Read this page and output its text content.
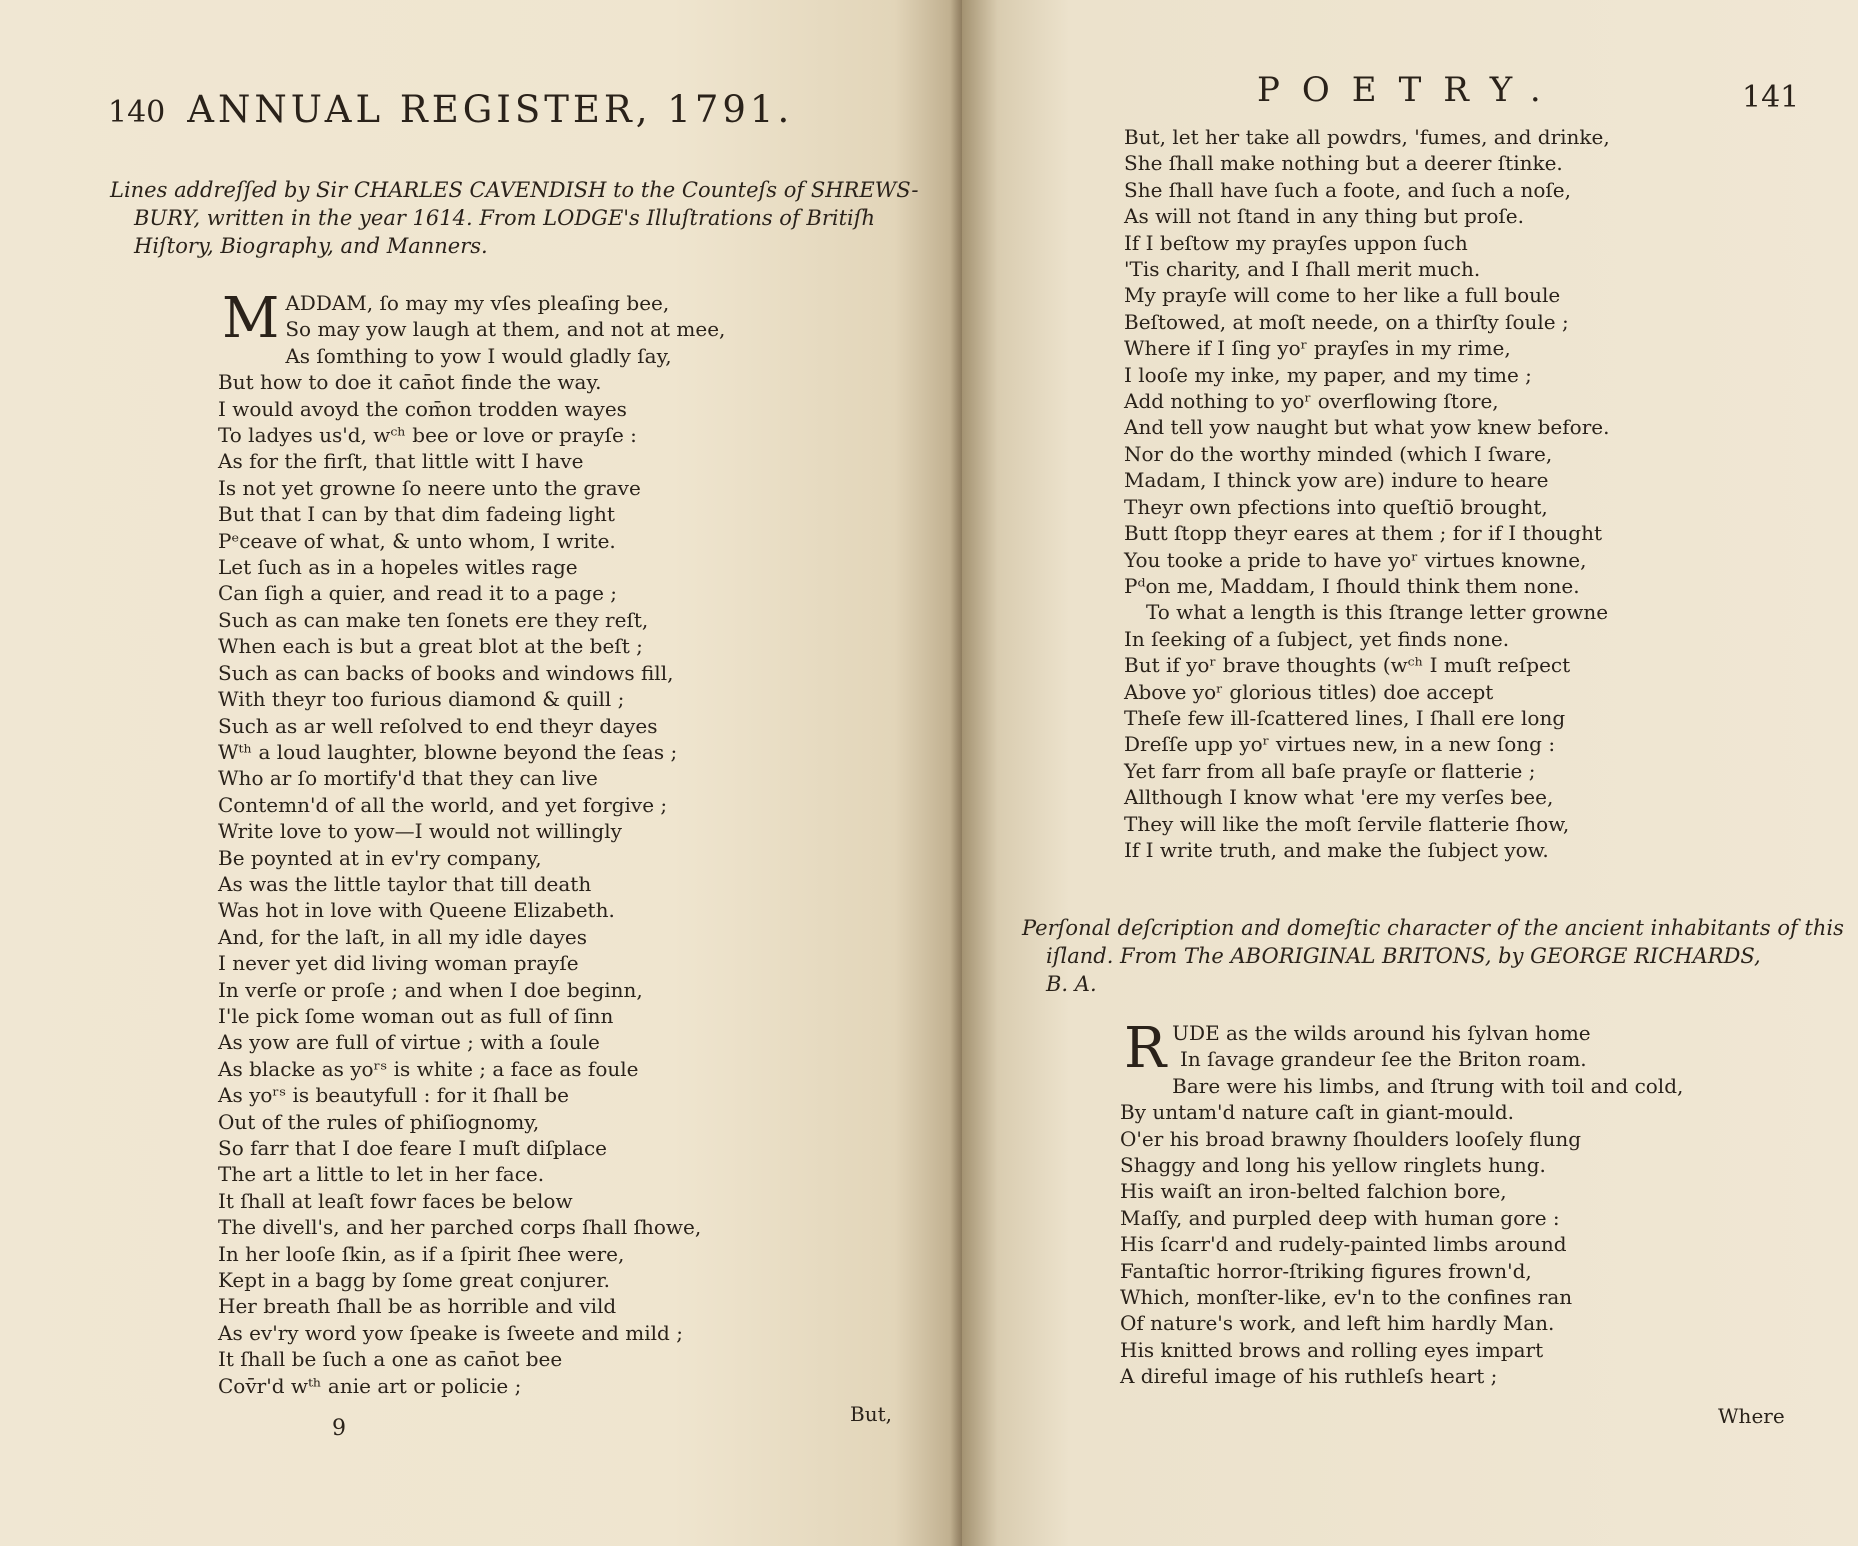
140 ANNUAL REGISTER, 1791.
Lines addreſſed by Sir CHARLES CAVENDISH to the Counteſs of SHREWS-
BURY, written in the year 1614. From LODGE's Illuſtrations of Britiſh
Hiſtory, Biography, and Manners.
MADDAM, ſo may my vſes pleaſing bee,
So may yow laugh at them, and not at mee,
As ſomthing to yow I would gladly ſay,
But how to doe it can̄ot finde the way.
I would avoyd the com̄on trodden wayes
To ladyes us'd, wᶜʰ bee or love or prayſe :
As for the firſt, that little witt I have
Is not yet growne ſo neere unto the grave
But that I can by that dim fadeing light
Pᵉceave of what, & unto whom, I write.
Let ſuch as in a hopeles witles rage
Can ſigh a quier, and read it to a page ;
Such as can make ten ſonets ere they reſt,
When each is but a great blot at the beſt ;
Such as can backs of books and windows fill,
With theyr too furious diamond & quill ;
Such as ar well reſolved to end theyr dayes
Wᵗʰ a loud laughter, blowne beyond the ſeas ;
Who ar ſo mortify'd that they can live
Contemn'd of all the world, and yet forgive ;
Write love to yow—I would not willingly
Be poynted at in ev'ry company,
As was the little taylor that till death
Was hot in love with Queene Elizabeth.
And, for the laſt, in all my idle dayes
I never yet did living woman prayſe
In verſe or proſe ; and when I doe beginn,
I'le pick ſome woman out as full of ſinn
As yow are full of virtue ; with a ſoule
As blacke as yoʳˢ is white ; a face as foule
As yoʳˢ is beautyfull : for it ſhall be
Out of the rules of phiſiognomy,
So farr that I doe feare I muſt diſplace
The art a little to let in her face.
It ſhall at leaſt fowr faces be below
The divell's, and her parched corps ſhall ſhowe,
In her looſe ſkin, as if a ſpirit ſhee were,
Kept in a bagg by ſome great conjurer.
Her breath ſhall be as horrible and vild
As ev'ry word yow ſpeake is ſweete and mild ;
It ſhall be ſuch a one as can̄ot bee
Cov̄r'd wᵗʰ anie art or policie ;
9
But,
POETRY.	141
But, let her take all powdrs, 'fumes, and drinke,
She ſhall make nothing but a deerer ſtinke.
She ſhall have ſuch a foote, and ſuch a noſe,
As will not ſtand in any thing but proſe.
If I beſtow my prayſes uppon ſuch
'Tis charity, and I ſhall merit much.
My prayſe will come to her like a full boule
Beſtowed, at moſt neede, on a thirſty ſoule ;
Where if I ſing yoʳ prayſes in my rime,
I looſe my inke, my paper, and my time ;
Add nothing to yoʳ overflowing ſtore,
And tell yow naught but what yow knew before.
Nor do the worthy minded (which I ſware,
Madam, I thinck yow are) indure to heare
Theyr own pfections into queſtiō brought,
Butt ſtopp theyr eares at them ; for if I thought
You tooke a pride to have yoʳ virtues knowne,
Pᵈon me, Maddam, I ſhould think them none.
To what a length is this ſtrange letter growne
In ſeeking of a ſubject, yet finds none.
But if yoʳ brave thoughts (wᶜʰ I muſt reſpect
Above yoʳ glorious titles) doe accept
Theſe few ill-ſcattered lines, I ſhall ere long
Dreſſe upp yoʳ virtues new, in a new ſong :
Yet farr from all baſe prayſe or flatterie ;
Allthough I know what 'ere my verſes bee,
They will like the moſt ſervile flatterie ſhow,
If I write truth, and make the ſubject yow.
Perſonal deſcription and domeſtic character of the ancient inhabitants of this
iſland. From The ABORIGINAL BRITONS, by GEORGE RICHARDS,
B. A.
RUDE as the wilds around his ſylvan home
In ſavage grandeur ſee the Briton roam.
Bare were his limbs, and ſtrung with toil and cold,
By untam'd nature caſt in giant-mould.
O'er his broad brawny ſhoulders looſely flung
Shaggy and long his yellow ringlets hung.
His waiſt an iron-belted falchion bore,
Maſſy, and purpled deep with human gore :
His ſcarr'd and rudely-painted limbs around
Fantaſtic horror-ſtriking figures frown'd,
Which, monſter-like, ev'n to the confines ran
Of nature's work, and left him hardly Man.
His knitted brows and rolling eyes impart
A direful image of his ruthleſs heart ;
Where
